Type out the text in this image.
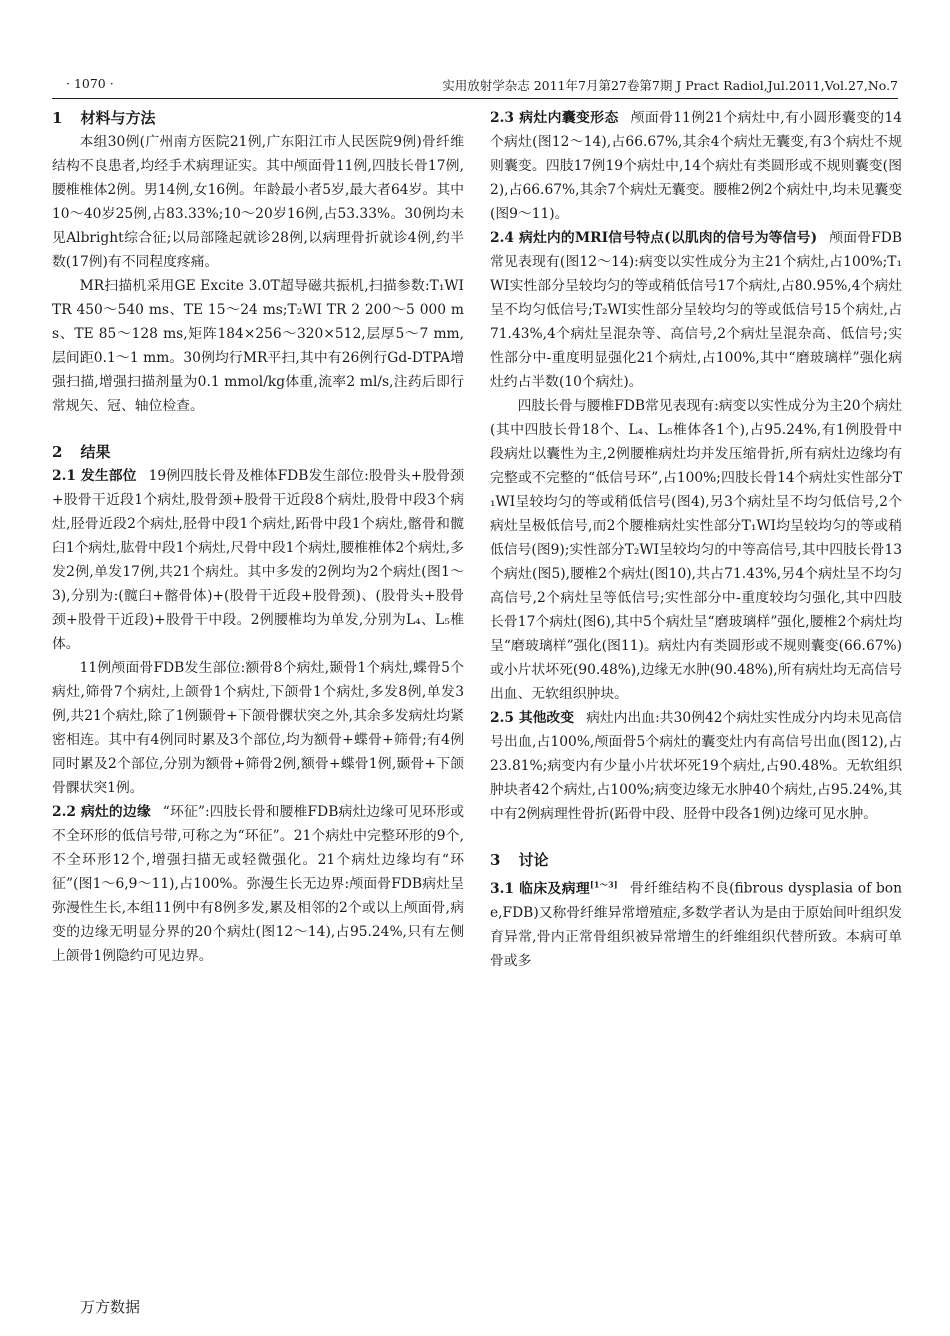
· 1070 ·	实用放射学杂志 2011年7月第27卷第7期 J Pract Radiol,Jul.2011,Vol.27,No.7
1 材料与方法

本组30例(广州南方医院21例,广东阳江市人民医院9例)骨纤维结构不良患者,均经手术病理证实。其中颅面骨11例,四肢长骨17例,腰椎椎体2例。男14例,女16例。年龄最小者5岁,最大者64岁。其中10～40岁25例,占83.33%;10～20岁16例,占53.33%。30例均未见Albright综合征;以局部隆起就诊28例,以病理骨折就诊4例,约半数(17例)有不同程度疼痛。

MR扫描机采用GE Excite 3.0T超导磁共振机,扫描参数:T₁WI TR 450～540 ms、TE 15～24 ms;T₂WI TR 2 200～5 000 ms、TE 85～128 ms,矩阵184×256～320×512,层厚5～7 mm,层间距0.1～1 mm。30例均行MR平扫,其中有26例行Gd-DTPA增强扫描,增强扫描剂量为0.1 mmol/kg体重,流率2 ml/s,注药后即行常规矢、冠、轴位检查。

2 结果

2.1 发生部位 19例四肢长骨及椎体FDB发生部位:股骨头+股骨颈+股骨干近段1个病灶,股骨颈+股骨干近段8个病灶,股骨中段3个病灶,胫骨近段2个病灶,胫骨中段1个病灶,跖骨中段1个病灶,髂骨和髋臼1个病灶,肱骨中段1个病灶,尺骨中段1个病灶,腰椎椎体2个病灶,多发2例,单发17例,共21个病灶。其中多发的2例均为2个病灶(图1～3),分别为:(髋臼+髂骨体)+(股骨干近段+股骨颈)、(股骨头+股骨颈+股骨干近段)+股骨干中段。2例腰椎均为单发,分别为L₄、L₅椎体。

11例颅面骨FDB发生部位:额骨8个病灶,颞骨1个病灶,蝶骨5个病灶,筛骨7个病灶,上颌骨1个病灶,下颌骨1个病灶,多发8例,单发3例,共21个病灶,除了1例颞骨+下颌骨髁状突之外,其余多发病灶均紧密相连。其中有4例同时累及3个部位,均为额骨+蝶骨+筛骨;有4例同时累及2个部位,分别为额骨+筛骨2例,额骨+蝶骨1例,颞骨+下颌骨髁状突1例。

2.2 病灶的边缘 “环征”:四肢长骨和腰椎FDB病灶边缘可见环形或不全环形的低信号带,可称之为“环征”。21个病灶中完整环形的9个,不全环形12个,增强扫描无或轻微强化。21个病灶边缘均有“环征”(图1～6,9～11),占100%。弥漫生长无边界:颅面骨FDB病灶呈弥漫性生长,本组11例中有8例多发,累及相邻的2个或以上颅面骨,病变的边缘无明显分界的20个病灶(图12～14),占95.24%,只有左侧上颌骨1例隐约可见边界。

2.3 病灶内囊变形态 颅面骨11例21个病灶中,有小圆形囊变的14个病灶(图12～14),占66.67%,其余4个病灶无囊变,有3个病灶不规则囊变。四肢17例19个病灶中,14个病灶有类圆形或不规则囊变(图2),占66.67%,其余7个病灶无囊变。腰椎2例2个病灶中,均未见囊变(图9～11)。

2.4 病灶内的MRI信号特点(以肌肉的信号为等信号) 颅面骨FDB常见表现有(图12～14):病变以实性成分为主21个病灶,占100%;T₁WI实性部分呈较均匀的等或稍低信号17个病灶,占80.95%,4个病灶呈不均匀低信号;T₂WI实性部分呈较均匀的等或低信号15个病灶,占71.43%,4个病灶呈混杂等、高信号,2个病灶呈混杂高、低信号;实性部分中-重度明显强化21个病灶,占100%,其中“磨玻璃样”强化病灶约占半数(10个病灶)。

四肢长骨与腰椎FDB常见表现有:病变以实性成分为主20个病灶(其中四肢长骨18个、L₄、L₅椎体各1个),占95.24%,有1例股骨中段病灶以囊性为主,2例腰椎病灶均并发压缩骨折,所有病灶边缘均有完整或不完整的“低信号环”,占100%;四肢长骨14个病灶实性部分T₁WI呈较均匀的等或稍低信号(图4),另3个病灶呈不均匀低信号,2个病灶呈极低信号,而2个腰椎病灶实性部分T₁WI均呈较均匀的等或稍低信号(图9);实性部分T₂WI呈较均匀的中等高信号,其中四肢长骨13个病灶(图5),腰椎2个病灶(图10),共占71.43%,另4个病灶呈不均匀高信号,2个病灶呈等低信号;实性部分中-重度较均匀强化,其中四肢长骨17个病灶(图6),其中5个病灶呈“磨玻璃样”强化,腰椎2个病灶均呈“磨玻璃样”强化(图11)。病灶内有类圆形或不规则囊变(66.67%)或小片状坏死(90.48%),边缘无水肿(90.48%),所有病灶均无高信号出血、无软组织肿块。

2.5 其他改变 病灶内出血:共30例42个病灶实性成分内均未见高信号出血,占100%,颅面骨5个病灶的囊变灶内有高信号出血(图12),占23.81%;病变内有少量小片状坏死19个病灶,占90.48%。无软组织肿块者42个病灶,占100%;病变边缘无水肿40个病灶,占95.24%,其中有2例病理性骨折(跖骨中段、胫骨中段各1例)边缘可见水肿。

3 讨论

3.1 临床及病理[1～3] 骨纤维结构不良(fibrous dysplasia of bone,FDB)又称骨纤维异常增殖症,多数学者认为是由于原始间叶组织发育异常,骨内正常骨组织被异常增生的纤维组织代替所致。本病可单骨或多

万方数据
